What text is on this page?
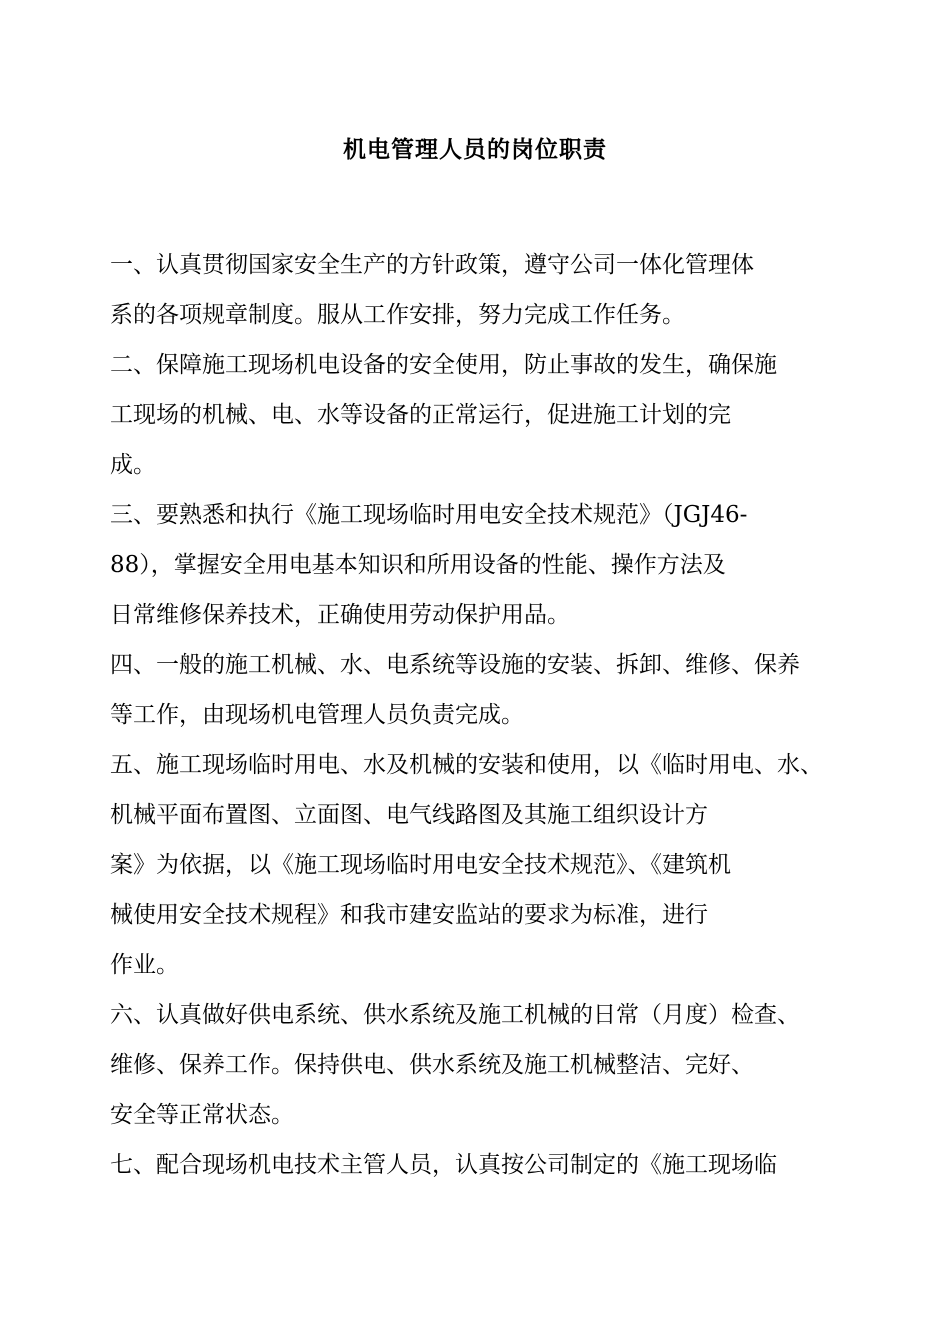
机电管理人员的岗位职责
一、认真贯彻国家安全生产的方针政策，遵守公司一体化管理体
系的各项规章制度。服从工作安排，努力完成工作任务。
二、保障施工现场机电设备的安全使用，防止事故的发生，确保施
工现场的机械、电、水等设备的正常运行，促进施工计划的完
成。
三、要熟悉和执行《施工现场临时用电安全技术规范》（JGJ46-
88），掌握安全用电基本知识和所用设备的性能、操作方法及
日常维修保养技术，正确使用劳动保护用品。
四、一般的施工机械、水、电系统等设施的安装、拆卸、维修、保养
等工作，由现场机电管理人员负责完成。
五、施工现场临时用电、水及机械的安装和使用，以《临时用电、水、
机械平面布置图、立面图、电气线路图及其施工组织设计方
案》为依据，以《施工现场临时用电安全技术规范》、《建筑机
械使用安全技术规程》和我市建安监站的要求为标准，进行
作业。
六、认真做好供电系统、供水系统及施工机械的日常（月度）检查、
维修、保养工作。保持供电、供水系统及施工机械整洁、完好、
安全等正常状态。
七、配合现场机电技术主管人员，认真按公司制定的《施工现场临
